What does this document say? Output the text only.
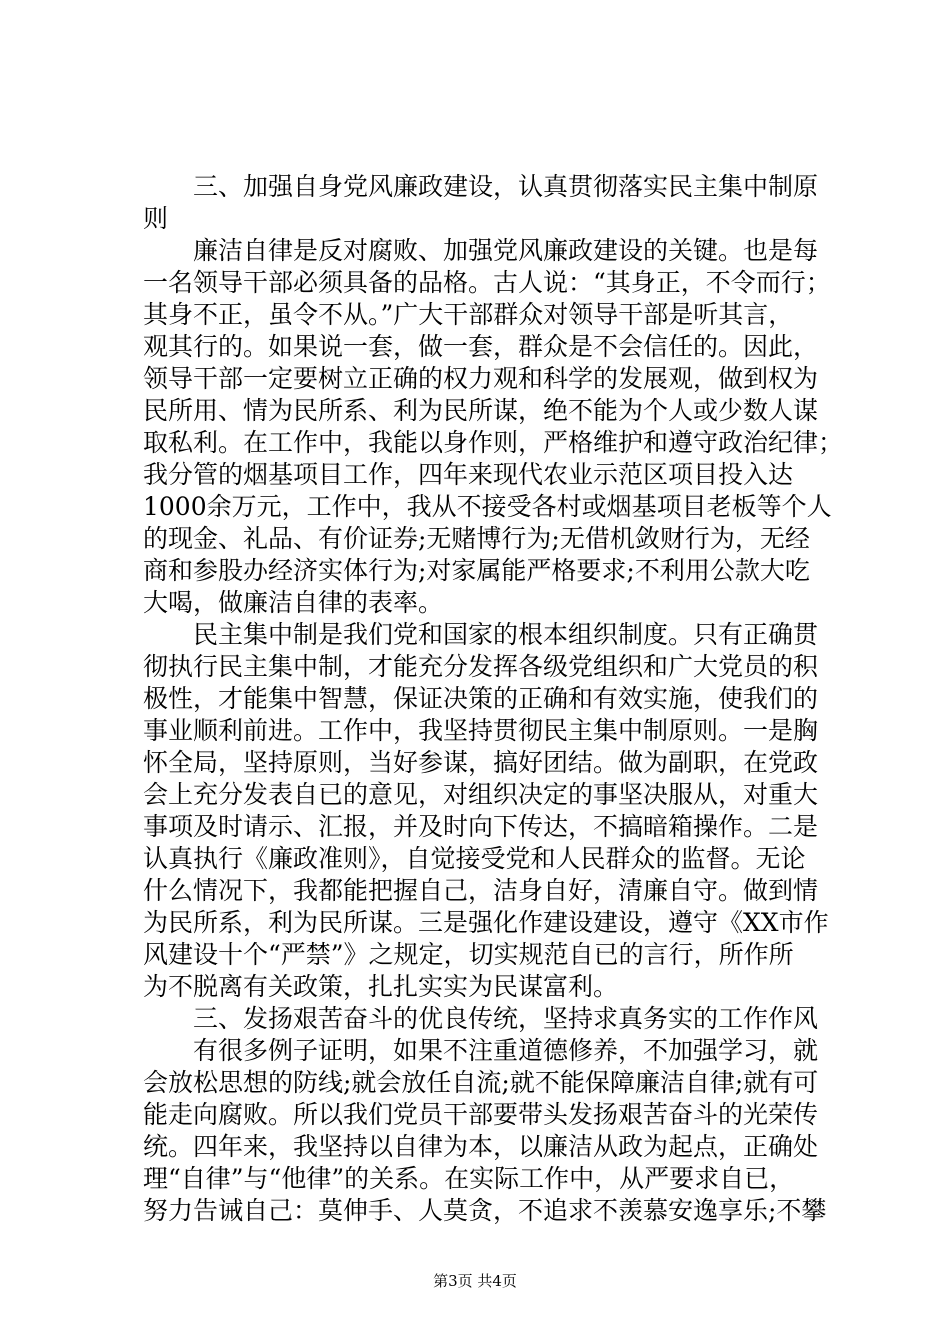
　　三、加强自身党风廉政建设，认真贯彻落实民主集中制原
则
　　廉洁自律是反对腐败、加强党风廉政建设的关键。也是每
一名领导干部必须具备的品格。古人说：“其身正，不令而行；
其身不正，虽令不从。”广大干部群众对领导干部是听其言，
观其行的。如果说一套，做一套，群众是不会信任的。因此，
领导干部一定要树立正确的权力观和科学的发展观，做到权为
民所用、情为民所系、利为民所谋，绝不能为个人或少数人谋
取私利。在工作中，我能以身作则，严格维护和遵守政治纪律；
我分管的烟基项目工作，四年来现代农业示范区项目投入达
1000余万元，工作中，我从不接受各村或烟基项目老板等个人
的现金、礼品、有价证券;无赌博行为;无借机敛财行为，无经
商和参股办经济实体行为;对家属能严格要求;不利用公款大吃
大喝，做廉洁自律的表率。
　　民主集中制是我们党和国家的根本组织制度。只有正确贯
彻执行民主集中制，才能充分发挥各级党组织和广大党员的积
极性，才能集中智慧，保证决策的正确和有效实施，使我们的
事业顺利前进。工作中，我坚持贯彻民主集中制原则。一是胸
怀全局，坚持原则，当好参谋，搞好团结。做为副职，在党政
会上充分发表自已的意见，对组织决定的事坚决服从，对重大
事项及时请示、汇报，并及时向下传达，不搞暗箱操作。二是
认真执行《廉政准则》，自觉接受党和人民群众的监督。无论
什么情况下，我都能把握自己，洁身自好，清廉自守。做到情
为民所系，利为民所谋。三是强化作建设建设，遵守《XX市作
风建设十个“严禁”》之规定，切实规范自已的言行，所作所
为不脱离有关政策，扎扎实实为民谋富利。
　　三、发扬艰苦奋斗的优良传统，坚持求真务实的工作作风
　　有很多例子证明，如果不注重道德修养，不加强学习，就
会放松思想的防线;就会放任自流;就不能保障廉洁自律;就有可
能走向腐败。所以我们党员干部要带头发扬艰苦奋斗的光荣传
统。四年来，我坚持以自律为本，以廉洁从政为起点，正确处
理“自律”与“他律”的关系。在实际工作中，从严要求自已，
努力告诫自己：莫伸手、人莫贪，不追求不羡慕安逸享乐;不攀
第3页 共4页
